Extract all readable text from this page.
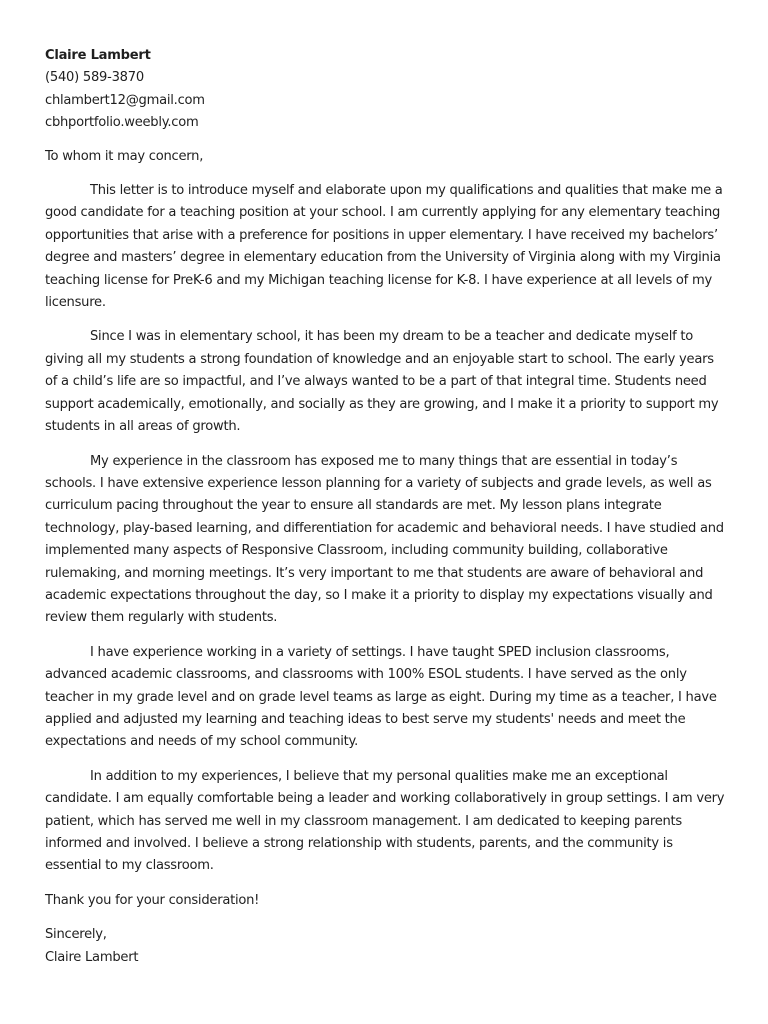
Claire Lambert

(540) 589-3870

chlambert12@gmail.com

cbhportfolio.weebly.com

To whom it may concern,

This letter is to introduce myself and elaborate upon my qualifications and qualities that make me a good candidate for a teaching position at your school. I am currently applying for any elementary teaching opportunities that arise with a preference for positions in upper elementary. I have received my bachelors’ degree and masters’ degree in elementary education from the University of Virginia along with my Virginia teaching license for PreK-6 and my Michigan teaching license for K-8. I have experience at all levels of my licensure.

Since I was in elementary school, it has been my dream to be a teacher and dedicate myself to giving all my students a strong foundation of knowledge and an enjoyable start to school. The early years of a child’s life are so impactful, and I’ve always wanted to be a part of that integral time. Students need support academically, emotionally, and socially as they are growing, and I make it a priority to support my students in all areas of growth.

My experience in the classroom has exposed me to many things that are essential in today’s schools. I have extensive experience lesson planning for a variety of subjects and grade levels, as well as curriculum pacing throughout the year to ensure all standards are met. My lesson plans integrate technology, play-based learning, and differentiation for academic and behavioral needs. I have studied and implemented many aspects of Responsive Classroom, including community building, collaborative rulemaking, and morning meetings. It’s very important to me that students are aware of behavioral and academic expectations throughout the day, so I make it a priority to display my expectations visually and review them regularly with students.

I have experience working in a variety of settings. I have taught SPED inclusion classrooms, advanced academic classrooms, and classrooms with 100% ESOL students. I have served as the only teacher in my grade level and on grade level teams as large as eight. During my time as a teacher, I have applied and adjusted my learning and teaching ideas to best serve my students' needs and meet the expectations and needs of my school community.

In addition to my experiences, I believe that my personal qualities make me an exceptional candidate. I am equally comfortable being a leader and working collaboratively in group settings. I am very patient, which has served me well in my classroom management. I am dedicated to keeping parents informed and involved. I believe a strong relationship with students, parents, and the community is essential to my classroom.

Thank you for your consideration!

Sincerely,

Claire Lambert
